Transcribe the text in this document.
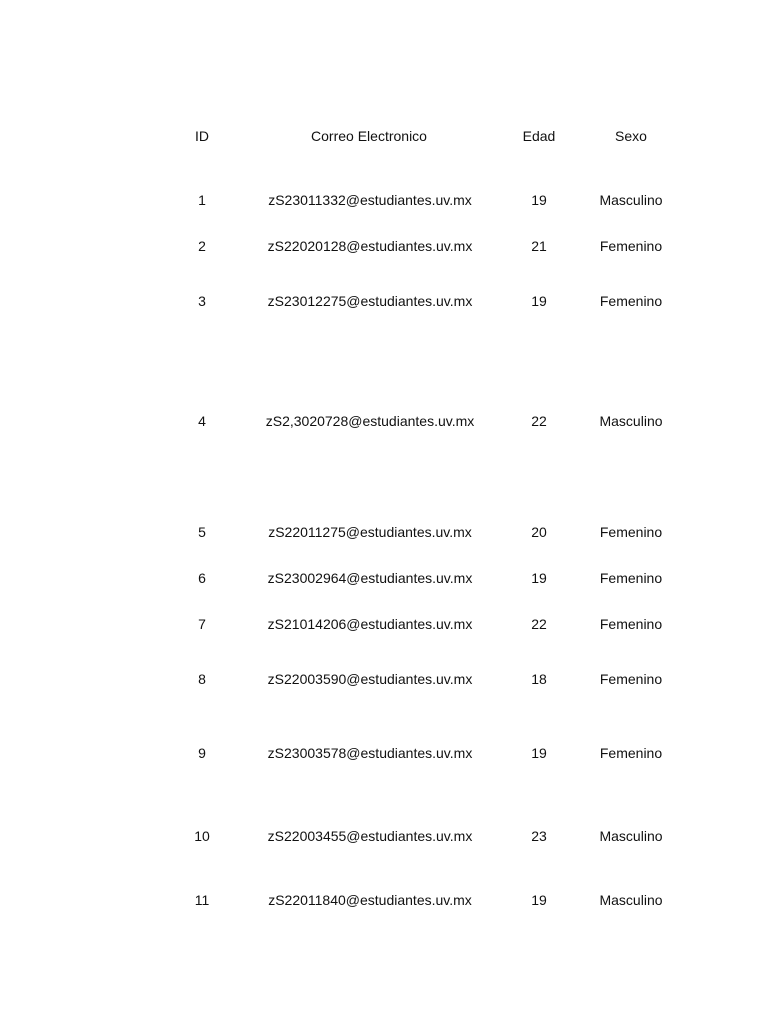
ID	Correo Electronico	Edad	Sexo
1	zS23011332@estudiantes.uv.mx	19	Masculino
2	zS22020128@estudiantes.uv.mx	21	Femenino
3	zS23012275@estudiantes.uv.mx	19	Femenino
4	zS2,3020728@estudiantes.uv.mx	22	Masculino
5	zS22011275@estudiantes.uv.mx	20	Femenino
6	zS23002964@estudiantes.uv.mx	19	Femenino
7	zS21014206@estudiantes.uv.mx	22	Femenino
8	zS22003590@estudiantes.uv.mx	18	Femenino
9	zS23003578@estudiantes.uv.mx	19	Femenino
10	zS22003455@estudiantes.uv.mx	23	Masculino
11	zS22011840@estudiantes.uv.mx	19	Masculino
